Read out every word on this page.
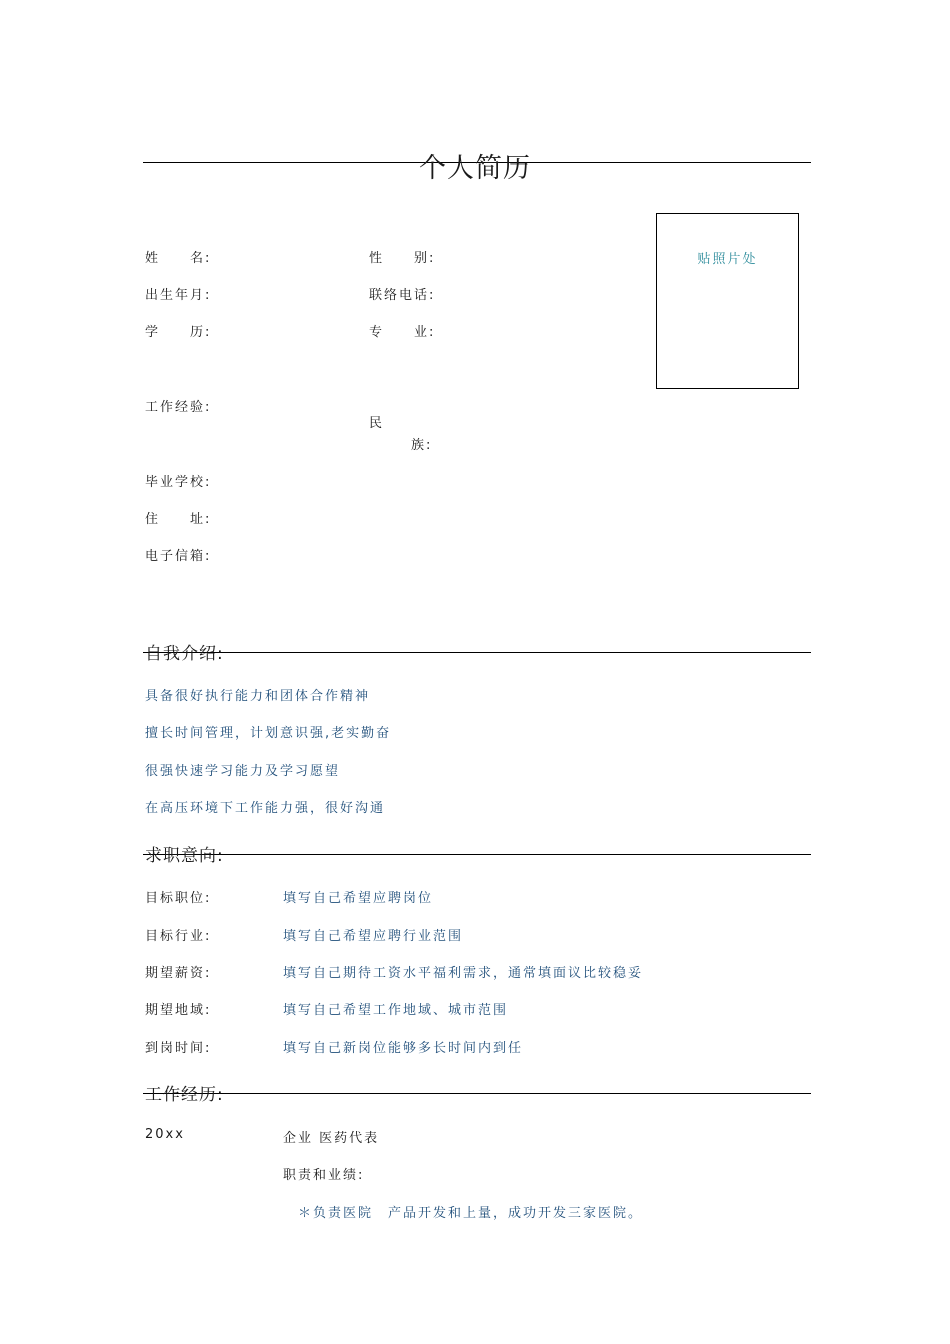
个人简历
贴照片处
姓　　名:	性　　别:
出生年月:	联络电话:
学　　历:	专　　业:
工作经验:
民
族:
毕业学校:
住　　址:
电子信箱:
自我介绍:
具备很好执行能力和团体合作精神
擅长时间管理，计划意识强,老实勤奋
很强快速学习能力及学习愿望
在高压环境下工作能力强，很好沟通
求职意向:
目标职位:	填写自己希望应聘岗位
目标行业:	填写自己希望应聘行业范围
期望薪资:	填写自己期待工资水平福利需求，通常填面议比较稳妥
期望地域:	填写自己希望工作地域、城市范围
到岗时间:	填写自己新岗位能够多长时间内到任
工作经历:
20xx	企业 医药代表
职责和业绩:
＊负责医院　产品开发和上量，成功开发三家医院。
